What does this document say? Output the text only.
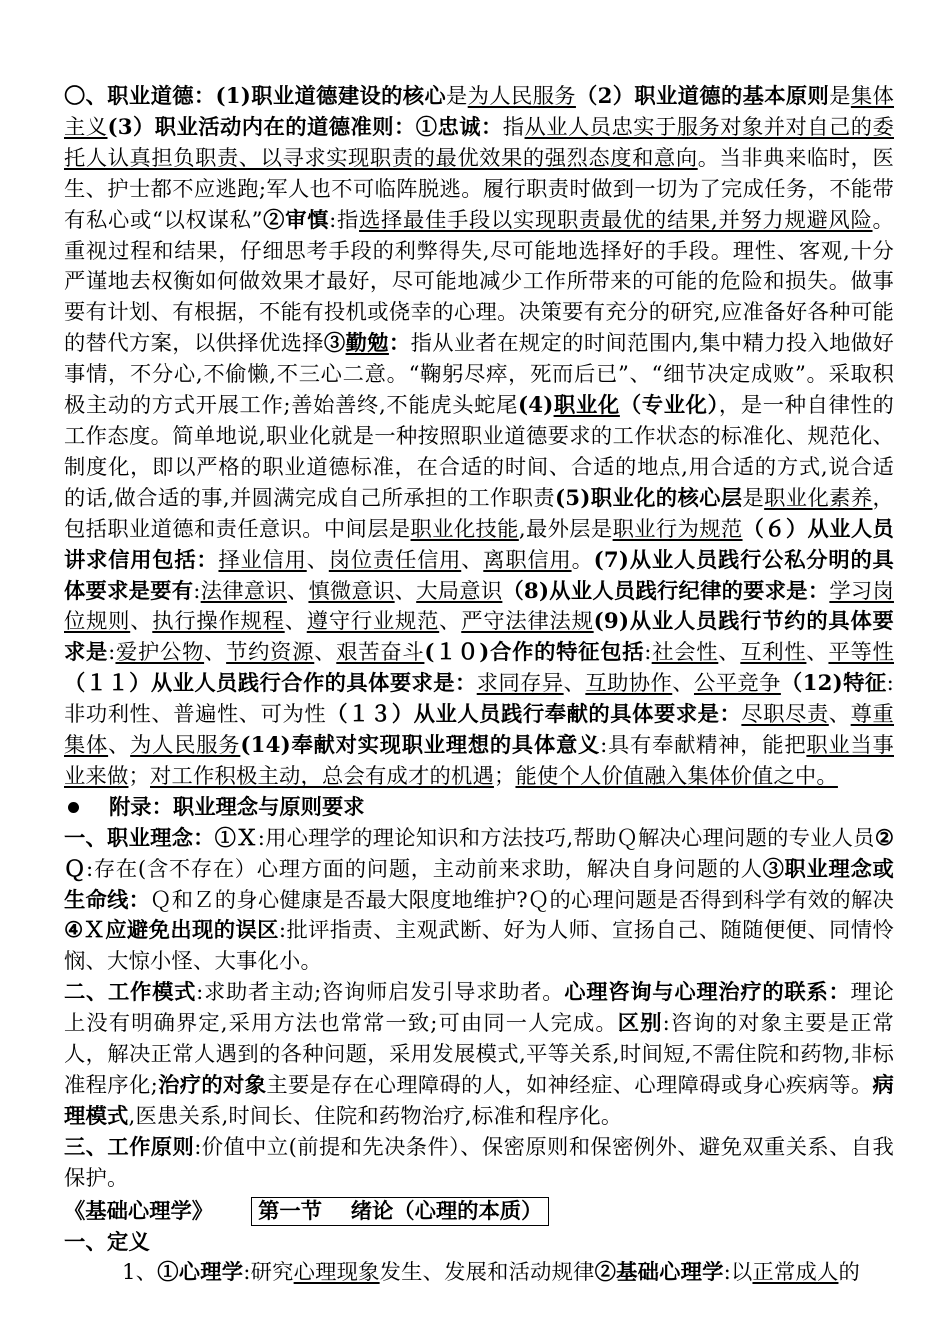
〇、职业道德：(1)职业道德建设的核心是为人民服务（2）职业道德的基本原则是集体主义(3）职业活动内在的道德准则：①忠诚：指从业人员忠实于服务对象并对自己的委托人认真担负职责、以寻求实现职责的最优效果的强烈态度和意向。当非典来临时，医生、护士都不应逃跑;军人也不可临阵脱逃。履行职责时做到一切为了完成任务，不能带有私心或“以权谋私”②审慎:指选择最佳手段以实现职责最优的结果,并努力规避风险。重视过程和结果，仔细思考手段的利弊得失,尽可能地选择好的手段。理性、客观,十分严谨地去权衡如何做效果才最好，尽可能地减少工作所带来的可能的危险和损失。做事要有计划、有根据，不能有投机或侥幸的心理。决策要有充分的研究,应准备好各种可能的替代方案，以供择优选择③勤勉：指从业者在规定的时间范围内,集中精力投入地做好事情，不分心,不偷懒,不三心二意。“鞠躬尽瘁，死而后已”、“细节决定成败”。采取积极主动的方式开展工作;善始善终,不能虎头蛇尾(4)职业化（专业化），是一种自律性的工作态度。简单地说,职业化就是一种按照职业道德要求的工作状态的标准化、规范化、制度化，即以严格的职业道德标准，在合适的时间、合适的地点,用合适的方式,说合适的话,做合适的事,并圆满完成自己所承担的工作职责(5)职业化的核心层是职业化素养，包括职业道德和责任意识。中间层是职业化技能,最外层是职业行为规范（６）从业人员讲求信用包括：择业信用、岗位责任信用、离职信用。(7)从业人员践行公私分明的具体要求是要有:法律意识、慎微意识、大局意识（8)从业人员践行纪律的要求是：学习岗位规则、执行操作规程、遵守行业规范、严守法律法规(9)从业人员践行节约的具体要求是:爱护公物、节约资源、艰苦奋斗(１０)合作的特征包括:社会性、互利性、平等性（１１）从业人员践行合作的具体要求是：求同存异、互助协作、公平竞争（12)特征:非功利性、普遍性、可为性（１３）从业人员践行奉献的具体要求是：尽职尽责、尊重集体、为人民服务(14)奉献对实现职业理想的具体意义:具有奉献精神，能把职业当事业来做；对工作积极主动，总会有成才的机遇；能使个人价值融入集体价值之中。

附录：职业理念与原则要求

一、职业理念：①Ｘ:用心理学的理论知识和方法技巧,帮助Ｑ解决心理问题的专业人员②Ｑ:存在(含不存在）心理方面的问题，主动前来求助，解决自身问题的人③职业理念或生命线：Ｑ和Ｚ的身心健康是否最大限度地维护?Ｑ的心理问题是否得到科学有效的解决④Ｘ应避免出现的误区:批评指责、主观武断、好为人师、宣扬自己、随随便便、同情怜悯、大惊小怪、大事化小。

二、工作模式:求助者主动;咨询师启发引导求助者。心理咨询与心理治疗的联系：理论上没有明确界定,采用方法也常常一致;可由同一人完成。区别:咨询的对象主要是正常人，解决正常人遇到的各种问题，采用发展模式,平等关系,时间短,不需住院和药物,非标准程序化;治疗的对象主要是存在心理障碍的人，如神经症、心理障碍或身心疾病等。病理模式,医患关系,时间长、住院和药物治疗,标准和程序化。

三、工作原则:价值中立(前提和先决条件）、保密原则和保密例外、避免双重关系、自我保护。

《基础心理学》 第一节　 绪论（心理的本质）

一、定义

1、①心理学:研究心理现象发生、发展和活动规律②基础心理学:以正常成人的
